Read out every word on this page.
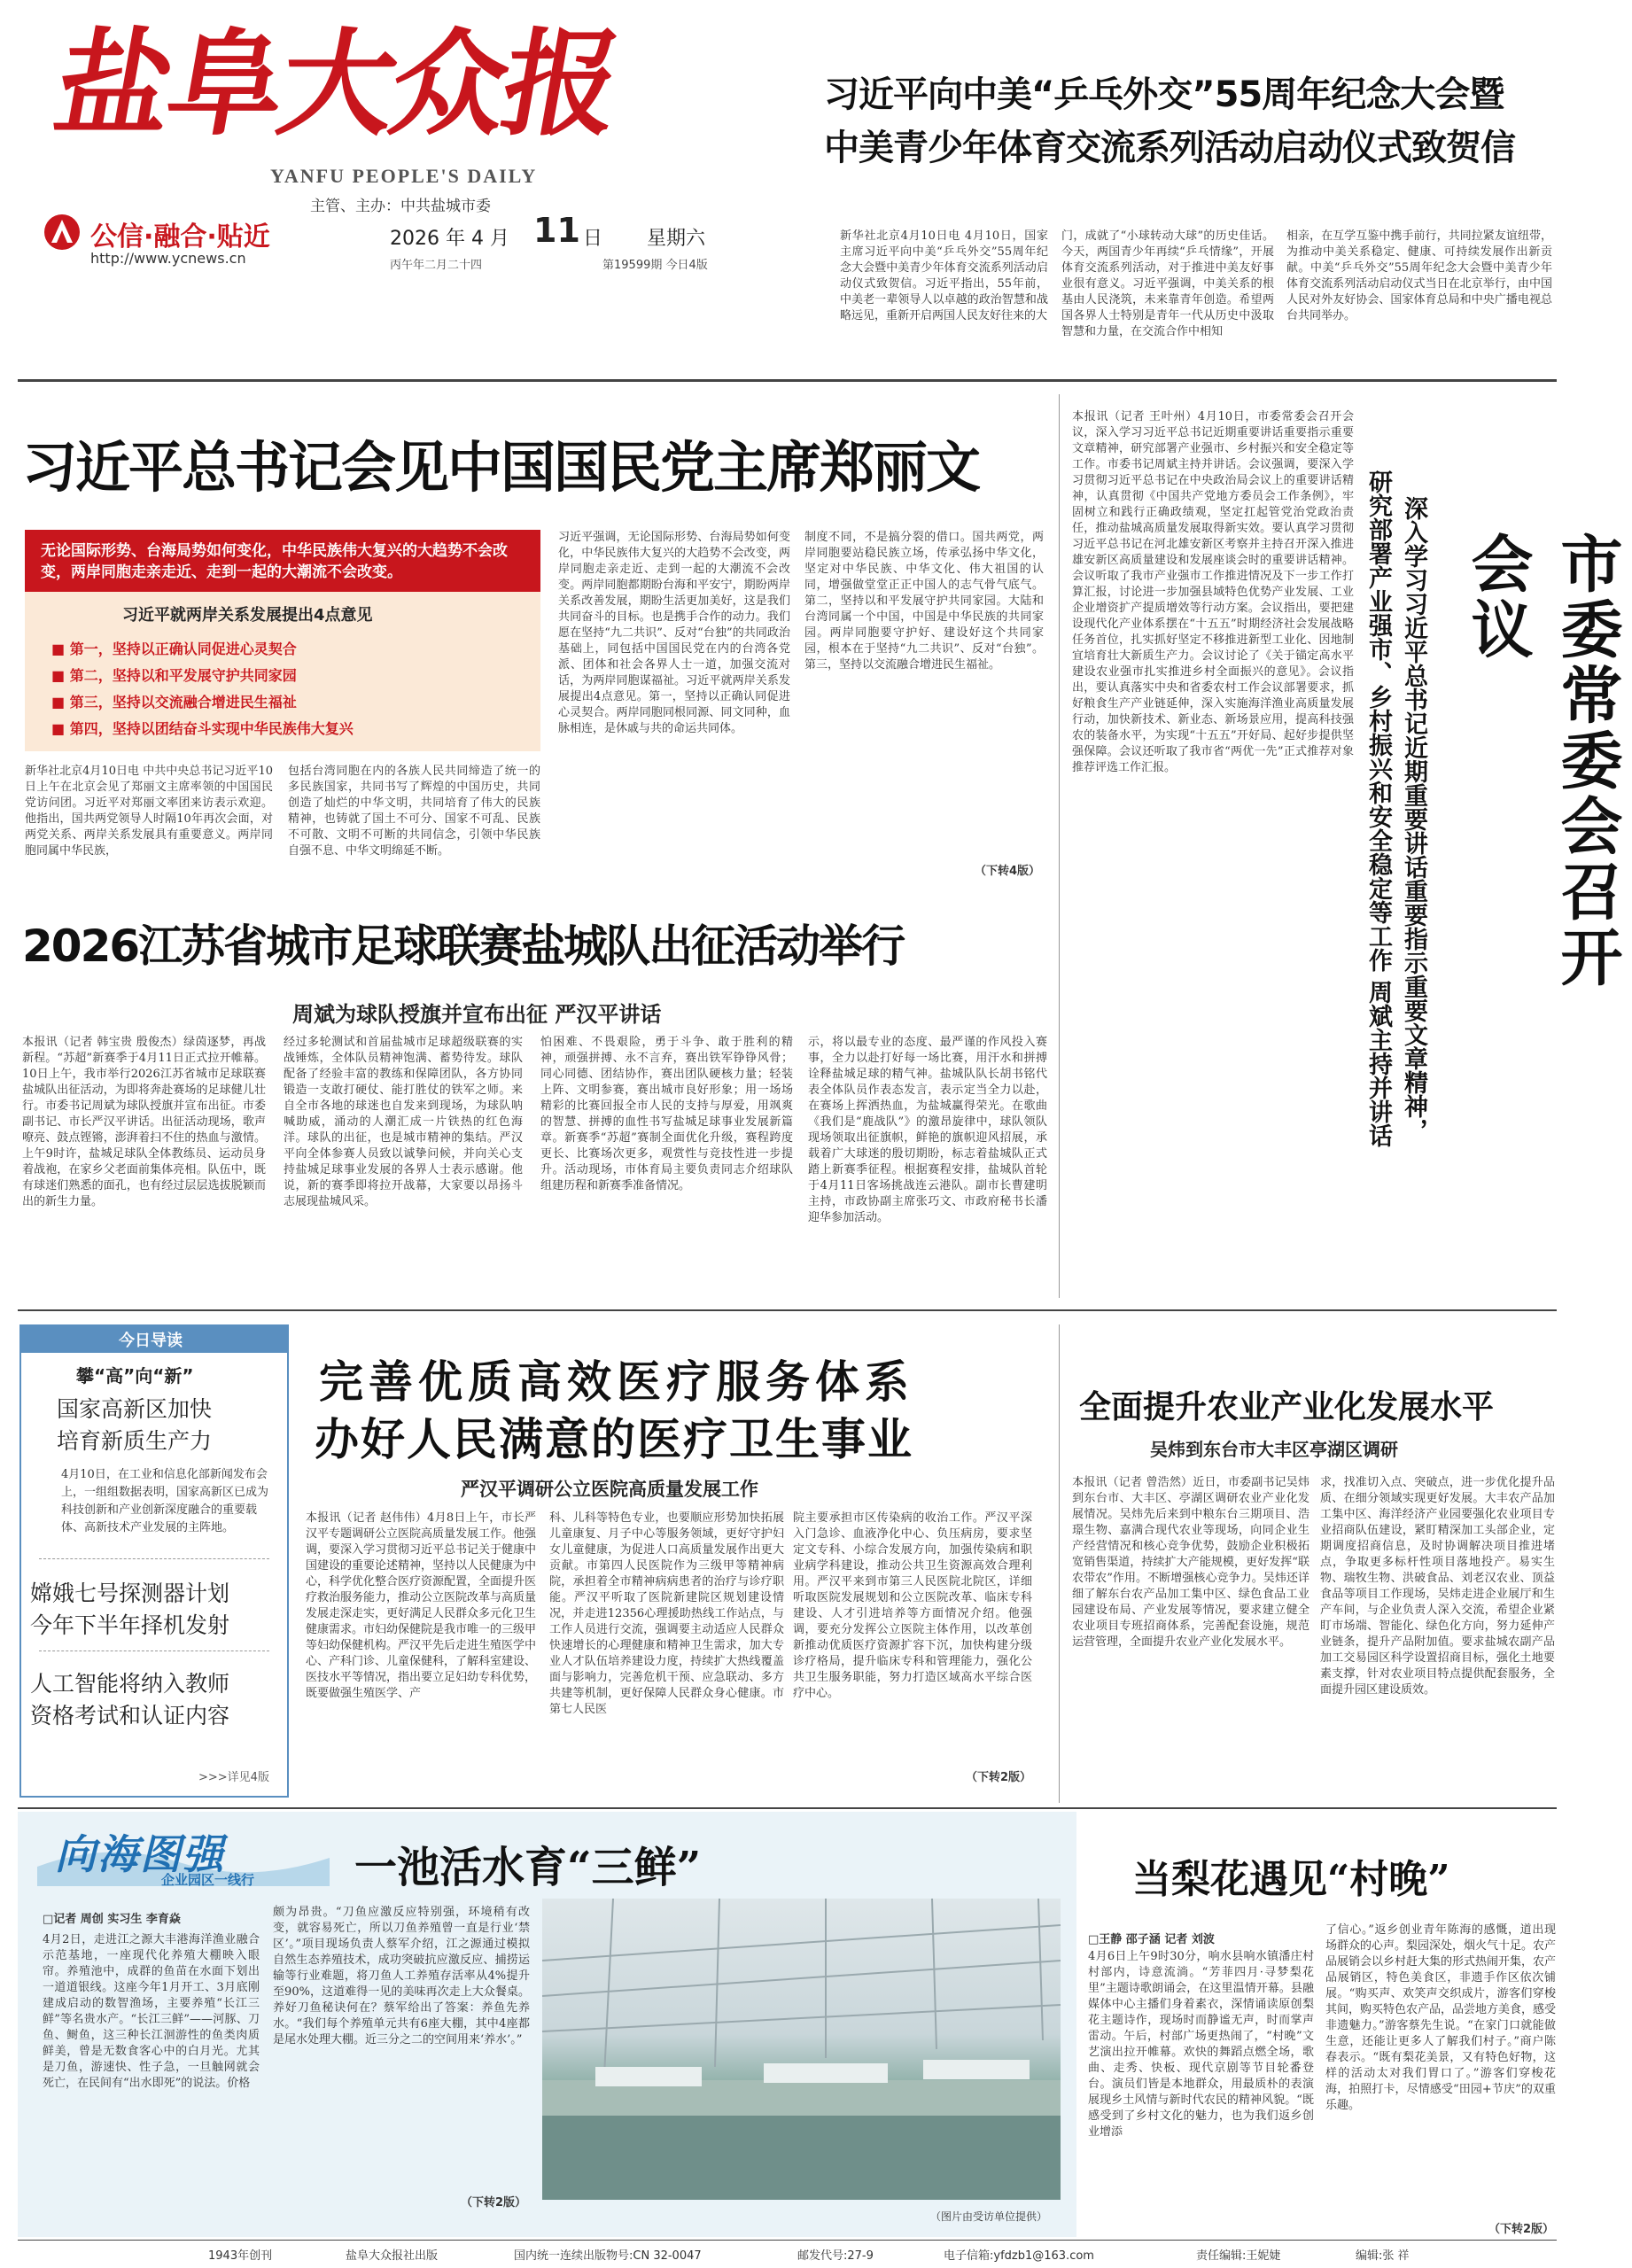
盐阜大众报
YANFU PEOPLE'S DAILY
主管、主办：中共盐城市委
公信·融合·贴近
http://www.ycnews.cn
2026 年 4 月 11 日 星期六
丙午年二月二十四	第19599期 今日4版
习近平向中美“乒乓外交”55周年纪念大会暨
中美青少年体育交流系列活动启动仪式致贺信
新华社北京4月10日电 4月10日，国家主席习近平向中美“乒乓外交”55周年纪念大会暨中美青少年体育交流系列活动启动仪式致贺信。习近平指出，55年前，中美老一辈领导人以卓越的政治智慧和战略远见，重新开启两国人民友好往来的大
门，成就了“小球转动大球”的历史佳话。今天，两国青少年再续“乒乓情缘”，开展体育交流系列活动，对于推进中美友好事业很有意义。习近平强调，中美关系的根基由人民浇筑，未来靠青年创造。希望两国各界人士特别是青年一代从历史中汲取智慧和力量，在交流合作中相知
相亲，在互学互鉴中携手前行，共同拉紧友谊纽带，为推动中美关系稳定、健康、可持续发展作出新贡献。中美“乒乓外交”55周年纪念大会暨中美青少年体育交流系列活动启动仪式当日在北京举行，由中国人民对外友好协会、国家体育总局和中央广播电视总台共同举办。
习近平总书记会见中国国民党主席郑丽文
无论国际形势、台海局势如何变化，中华民族伟大复兴的大趋势不会改变，两岸同胞走亲走近、走到一起的大潮流不会改变。
习近平就两岸关系发展提出4点意见
■ 第一，坚持以正确认同促进心灵契合
■ 第二，坚持以和平发展守护共同家园
■ 第三，坚持以交流融合增进民生福祉
■ 第四，坚持以团结奋斗实现中华民族伟大复兴
新华社北京4月10日电 中共中央总书记习近平10日上午在北京会见了郑丽文主席率领的中国国民党访问团。习近平对郑丽文率团来访表示欢迎。他指出，国共两党领导人时隔10年再次会面，对两党关系、两岸关系发展具有重要意义。两岸同胞同属中华民族，
包括台湾同胞在内的各族人民共同缔造了统一的多民族国家，共同书写了辉煌的中国历史，共同创造了灿烂的中华文明，共同培育了伟大的民族精神，也铸就了国土不可分、国家不可乱、民族不可散、文明不可断的共同信念，引领中华民族自强不息、中华文明绵延不断。
习近平强调，无论国际形势、台海局势如何变化，中华民族伟大复兴的大趋势不会改变，两岸同胞走亲走近、走到一起的大潮流不会改变。两岸同胞都期盼台海和平安宁，期盼两岸关系改善发展，期盼生活更加美好，这是我们共同奋斗的目标。也是携手合作的动力。我们愿在坚持“九二共识”、反对“台独”的共同政治基础上，同包括中国国民党在内的台湾各党派、团体和社会各界人士一道，加强交流对话，为两岸同胞谋福祉。习近平就两岸关系发展提出4点意见。第一，坚持以正确认同促进心灵契合。两岸同胞同根同源、同文同种，血脉相连，是休戚与共的命运共同体。
制度不同，不是搞分裂的借口。国共两党，两岸同胞要站稳民族立场，传承弘扬中华文化，坚定对中华民族、中华文化、伟大祖国的认同，增强做堂堂正正中国人的志气骨气底气。第二，坚持以和平发展守护共同家园。大陆和台湾同属一个中国，中国是中华民族的共同家园。两岸同胞要守护好、建设好这个共同家园，根本在于坚持“九二共识”、反对“台独”。第三，坚持以交流融合增进民生福祉。
（下转4版）	市委常委会召开会议
深入学习习近平总书记近期重要讲话重要指示重要文章精神，
研究部署产业强市、乡村振兴和安全稳定等工作 周斌主持并讲话
本报讯（记者 王叶州）4月10日，市委常委会召开会议，深入学习习近平总书记近期重要讲话重要指示重要文章精神，研究部署产业强市、乡村振兴和安全稳定等工作。市委书记周斌主持并讲话。会议强调，要深入学习贯彻习近平总书记在中央政治局会议上的重要讲话精神，认真贯彻《中国共产党地方委员会工作条例》，牢固树立和践行正确政绩观，坚定扛起管党治党政治责任，推动盐城高质量发展取得新实效。要认真学习贯彻习近平总书记在河北雄安新区考察并主持召开深入推进雄安新区高质量建设和发展座谈会时的重要讲话精神。会议听取了我市产业强市工作推进情况及下一步工作打算汇报，讨论进一步加强县域特色优势产业发展、工业企业增资扩产提质增效等行动方案。会议指出，要把建设现代化产业体系摆在“十五五”时期经济社会发展战略任务首位，扎实抓好坚定不移推进新型工业化、因地制宜培育壮大新质生产力。会议讨论了《关于锚定高水平建设农业强市扎实推进乡村全面振兴的意见》。会议指出，要认真落实中央和省委农村工作会议部署要求，抓好粮食生产产业链延伸，深入实施海洋渔业高质量发展行动，加快新技术、新业态、新场景应用，提高科技强农的装备水平，为实现“十五五”开好局、起好步提供坚强保障。会议还听取了我市省“两优一先”正式推荐对象推荐评选工作汇报。
2026江苏省城市足球联赛盐城队出征活动举行
周斌为球队授旗并宣布出征 严汉平讲话
本报讯（记者 韩宝贵 殷俊杰）绿茵逐梦，再战新程。“苏超”新赛季于4月11日正式拉开帷幕。10日上午，我市举行2026江苏省城市足球联赛盐城队出征活动，为即将奔赴赛场的足球健儿壮行。市委书记周斌为球队授旗并宣布出征。市委副书记、市长严汉平讲话。出征活动现场，歌声嘹亮、鼓点铿锵，澎湃着扫不住的热血与激情。上午9时许，盐城足球队全体教练员、运动员身着战袍，在家乡父老面前集体亮相。队伍中，既有球迷们熟悉的面孔，也有经过层层选拔脱颖而出的新生力量。
经过多轮测试和首届盐城市足球超级联赛的实战锤炼，全体队员精神饱满、蓄势待发。球队配备了经验丰富的教练和保障团队，各方协同锻造一支敢打硬仗、能打胜仗的铁军之师。来自全市各地的球迷也自发来到现场，为球队呐喊助威，涌动的人潮汇成一片铁热的红色海洋。球队的出征，也是城市精神的集结。严汉平向全体参赛人员致以诚挚问候，并向关心支持盐城足球事业发展的各界人士表示感谢。他说，新的赛季即将拉开战幕，大家要以昂扬斗志展现盐城风采。
怕困难、不畏艰险，勇于斗争、敢于胜利的精神，顽强拼搏、永不言弃，赛出铁军铮铮风骨；同心同德、团结协作，赛出团队硬核力量；轻装上阵、文明参赛，赛出城市良好形象；用一场场精彩的比赛回报全市人民的支持与厚爱，用飒爽的智慧、拼搏的血性书写盐城足球事业发展新篇章。新赛季“苏超”赛制全面优化升级，赛程跨度更长、比赛场次更多，观赏性与竞技性进一步提升。活动现场，市体育局主要负责同志介绍球队组建历程和新赛季准备情况。
示，将以最专业的态度、最严谨的作风投入赛事，全力以赴打好每一场比赛，用汗水和拼搏诠释盐城足球的精气神。盐城队队长胡书铭代表全体队员作表态发言，表示定当全力以赴，在赛场上挥洒热血，为盐城赢得荣光。在歌曲《我们是“鹿战队”》的激昂旋律中，球队领队现场领取出征旗帜，鲜艳的旗帜迎风招展，承载着广大球迷的殷切期盼，标志着盐城队正式踏上新赛季征程。根据赛程安排，盐城队首轮于4月11日客场挑战连云港队。副市长曹建明主持，市政协副主席张巧文、市政府秘书长潘迎华参加活动。
今日导读
攀“高”向“新”
国家高新区加快
培育新质生产力
4月10日，在工业和信息化部新闻发布会上，一组组数据表明，国家高新区已成为科技创新和产业创新深度融合的重要载体、高新技术产业发展的主阵地。
嫦娥七号探测器计划
今年下半年择机发射
人工智能将纳入教师
资格考试和认证内容
>>>详见4版
完善优质高效医疗服务体系
办好人民满意的医疗卫生事业
严汉平调研公立医院高质量发展工作
本报讯（记者 赵伟伟）4月8日上午，市长严汉平专题调研公立医院高质量发展工作。他强调，要深入学习贯彻习近平总书记关于健康中国建设的重要论述精神，坚持以人民健康为中心，科学优化整合医疗资源配置，全面提升医疗救治服务能力，推动公立医院改革与高质量发展走深走实，更好满足人民群众多元化卫生健康需求。市妇幼保健院是我市唯一的三级甲等妇幼保健机构。严汉平先后走进生殖医学中心、产科门诊、儿童保健科，了解科室建设、医技水平等情况，指出要立足妇幼专科优势，既要做强生殖医学、产
科、儿科等特色专业，也要顺应形势加快拓展儿童康复、月子中心等服务领域，更好守护妇女儿童健康，为促进人口高质量发展作出更大贡献。市第四人民医院作为三级甲等精神病院，承担着全市精神病病患者的治疗与诊疗职能。严汉平听取了医院新建院区规划建设情况，并走进12356心理援助热线工作站点，与工作人员进行交流，强调要主动适应人民群众快速增长的心理健康和精神卫生需求，加大专业人才队伍培养建设力度，持续扩大热线覆盖面与影响力，完善危机干预、应急联动、多方共建等机制，更好保障人民群众身心健康。市第七人民医
院主要承担市区传染病的收治工作。严汉平深入门急诊、血液净化中心、负压病房，要求坚定文专科、小综合发展方向，加强传染病和职业病学科建设，推动公共卫生资源高效合理利用。严汉平来到市第三人民医院北院区，详细听取医院发展规划和公立医院改革、临床专科建设、人才引进培养等方面情况介绍。他强调，要充分发挥公立医院主体作用，以改革创新推动优质医疗资源扩容下沉，加快构建分级诊疗格局，提升临床专科和管理能力，强化公共卫生服务职能，努力打造区域高水平综合医疗中心。
（下转2版）
全面提升农业产业化发展水平
吴炜到东台市大丰区亭湖区调研
本报讯（记者 曾浩然）近日，市委副书记吴炜到东台市、大丰区、亭湖区调研农业产业化发展情况。吴炜先后来到中粮东台三期项目、浩璟生物、嘉满合现代农业等现场，向同企业生产经营情况和核心竞争优势，鼓励企业积极拓宽销售渠道，持续扩大产能规模，更好发挥“联农带农”作用。不断增强核心竞争力。吴炜还详细了解东台农产品加工集中区、绿色食品工业园建设布局、产业发展等情况，要求建立健全农业项目专班招商体系，完善配套设施，规范运营管理，全面提升农业产业化发展水平。
求，找准切入点、突破点，进一步优化提升品质、在细分领域实现更好发展。大丰农产品加工集中区、海洋经济产业园要强化农业项目专业招商队伍建设，紧盯精深加工头部企业，定期调度招商信息，及时协调解决项目推进堵点，争取更多标杆性项目落地投产。易实生物、瑞牧生物、洪破食品、刘老汉农业、顶益食品等项目工作现场，吴炜走进企业展厅和生产车间，与企业负责人深入交流，希望企业紧盯市场端、智能化、绿色化方向，努力延伸产业链条，提升产品附加值。要求盐城农副产品加工交易园区科学设置招商目标，强化土地要素支撑，针对农业项目特点提供配套服务，全面提升园区建设质效。
向海图强
企业园区一线行 一池活水育“三鲜”
□记者 周创 实习生 李育焱
4月2日，走进江之源大丰港海洋渔业融合示范基地，一座现代化养殖大棚映入眼帘。养殖池中，成群的鱼苗在水面下划出一道道银线。这座今年1月开工、3月底刚建成启动的数智渔场，主要养殖“长江三鲜”等名贵水产。“长江三鲜”——河豚、刀鱼、鲥鱼，这三种长江洄游性的鱼类肉质鲜美，曾是无数食客心中的白月光。尤其是刀鱼，游速快、性子急，一旦触网就会死亡，在民间有“出水即死”的说法。价格
颇为昂贵。“刀鱼应激反应特别强，环境稍有改变，就容易死亡，所以刀鱼养殖曾一直是行业‘禁区’。”项目现场负责人蔡军介绍，江之源通过模拟自然生态养殖技术，成功突破抗应激反应、捕捞运输等行业难题，将刀鱼人工养殖存活率从4%提升至90%，这道难得一见的美味再次走上大众餐桌。养好刀鱼秘诀何在？蔡军给出了答案：养鱼先养水。“我们每个养殖单元共有6座大棚，其中4座都是尾水处理大棚。近三分之二的空间用来‘养水’。”
（下转2版）
（图片由受访单位提供）
当梨花遇见“村晚”
□王静 邵子涵 记者 刘波
4月6日上午9时30分，响水县响水镇潘庄村村部内，诗意流淌。“芳菲四月·寻梦梨花里”主题诗歌朗诵会，在这里温情开幕。县融媒体中心主播们身着素衣，深情诵读原创梨花主题诗作，现场时而静谧无声，时而掌声雷动。午后，村部广场更热闹了，“村晚”文艺演出拉开帷幕。欢快的舞蹈点燃全场，歌曲、走秀、快板、现代京剧等节目轮番登台。演员们皆是本地群众，用最质朴的表演展现乡土风情与新时代农民的精神风貌。“既感受到了乡村文化的魅力，也为我们返乡创业增添
了信心。”返乡创业青年陈海的感慨，道出现场群众的心声。梨园深处，烟火气十足。农产品展销会以乡村赶大集的形式热闹开集，农产品展销区，特色美食区，非遗手作区依次铺展。“购买声、欢笑声交织成片，游客们穿梭其间，购买特色农产品，品尝地方美食，感受非遗魅力。”游客蔡先生说。“在家门口就能做生意，还能让更多人了解我们村子。”商户陈春表示。“既有梨花美景，又有特色好物，这样的活动太对我们胃口了。”游客们穿梭花海，拍照打卡，尽情感受“田园+节庆”的双重乐趣。
（下转2版）
1943年创刊	盐阜大众报社出版	国内统一连续出版物号:CN 32-0047	邮发代号:27-9	电子信箱:yfdzb1@163.com	责任编辑:王妮婕	编辑:张 祥
